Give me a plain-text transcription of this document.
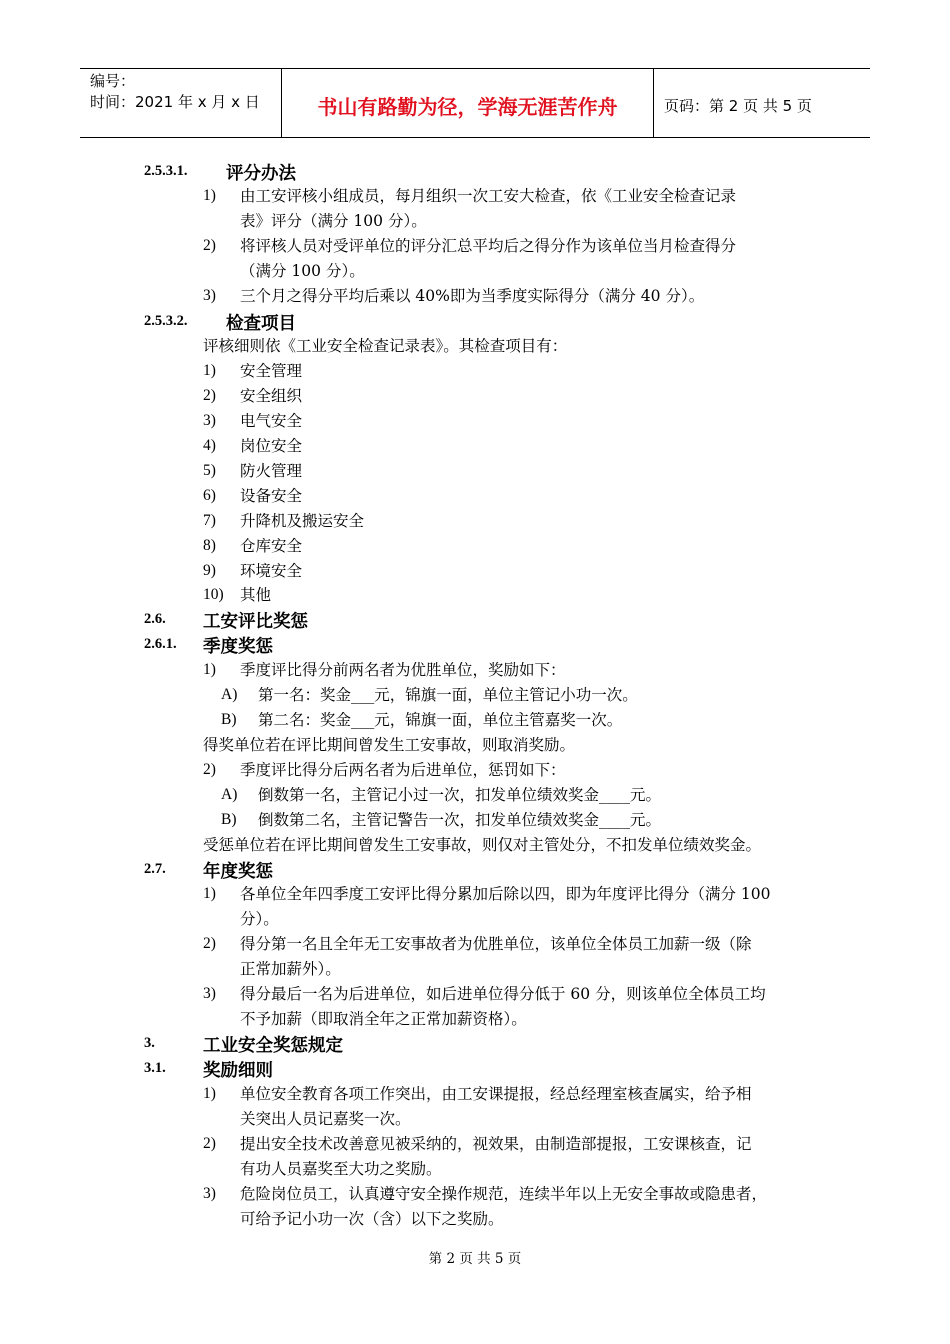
编号：
时间：2021 年 x 月 x 日	书山有路勤为径，学海无涯苦作舟	页码：第 2 页 共 5 页
2.5.3.1. 评分办法
1) 由工安评核小组成员，每月组织一次工安大检查，依《工业安全检查记录
表》评分（满分 100 分）。
2) 将评核人员对受评单位的评分汇总平均后之得分作为该单位当月检查得分
（满分 100 分）。
3) 三个月之得分平均后乘以 40%即为当季度实际得分（满分 40 分）。
2.5.3.2. 检查项目
评核细则依《工业安全检查记录表》。其检查项目有：
1) 安全管理
2) 安全组织
3) 电气安全
4) 岗位安全
5) 防火管理
6) 设备安全
7) 升降机及搬运安全
8) 仓库安全
9) 环境安全
10) 其他
2.6. 工安评比奖惩
2.6.1. 季度奖惩
1) 季度评比得分前两名者为优胜单位，奖励如下：
A) 第一名：奖金___元，锦旗一面，单位主管记小功一次。
B) 第二名：奖金___元，锦旗一面，单位主管嘉奖一次。
得奖单位若在评比期间曾发生工安事故，则取消奖励。
2) 季度评比得分后两名者为后进单位，惩罚如下：
A) 倒数第一名，主管记小过一次，扣发单位绩效奖金____元。
B) 倒数第二名，主管记警告一次，扣发单位绩效奖金____元。
受惩单位若在评比期间曾发生工安事故，则仅对主管处分，不扣发单位绩效奖金。
2.7. 年度奖惩
1) 各单位全年四季度工安评比得分累加后除以四，即为年度评比得分（满分 100
分）。
2) 得分第一名且全年无工安事故者为优胜单位，该单位全体员工加薪一级（除
正常加薪外）。
3) 得分最后一名为后进单位，如后进单位得分低于 60 分，则该单位全体员工均
不予加薪（即取消全年之正常加薪资格）。
3.	工业安全奖惩规定
3.1. 奖励细则
1) 单位安全教育各项工作突出，由工安课提报，经总经理室核查属实，给予相
关突出人员记嘉奖一次。
2) 提出安全技术改善意见被采纳的，视效果，由制造部提报，工安课核查，记
有功人员嘉奖至大功之奖励。
3) 危险岗位员工，认真遵守安全操作规范，连续半年以上无安全事故或隐患者，
可给予记小功一次（含）以下之奖励。
第 2 页 共 5 页
